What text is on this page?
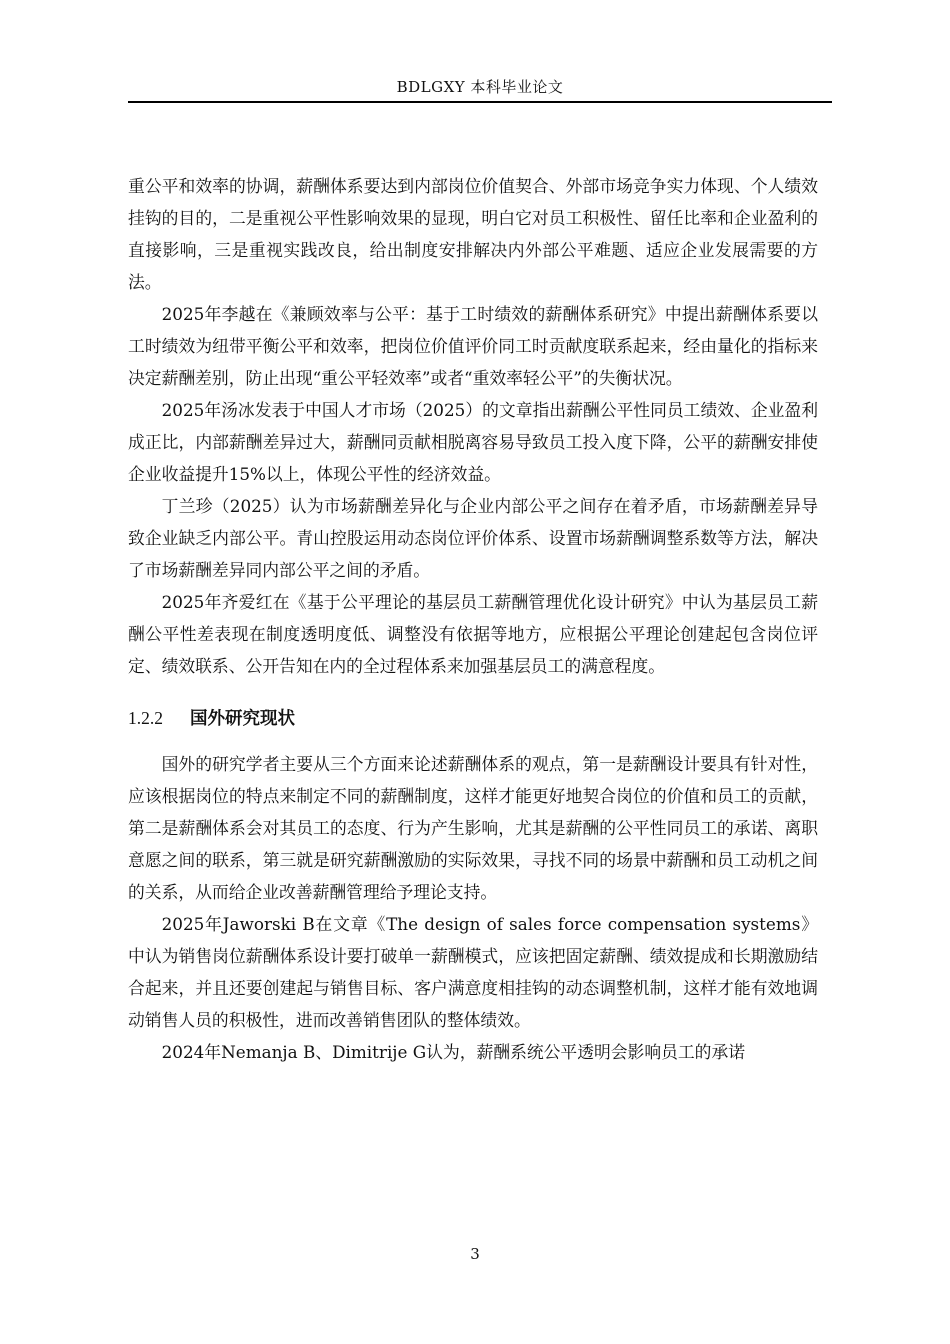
BDLGXY 本科毕业论文

重公平和效率的协调，薪酬体系要达到内部岗位价值契合、外部市场竞争实力体现、个人绩效挂钩的目的，二是重视公平性影响效果的显现，明白它对员工积极性、留任比率和企业盈利的直接影响，三是重视实践改良，给出制度安排解决内外部公平难题、适应企业发展需要的方法。

2025年李越在《兼顾效率与公平：基于工时绩效的薪酬体系研究》中提出薪酬体系要以工时绩效为纽带平衡公平和效率，把岗位价值评价同工时贡献度联系起来，经由量化的指标来决定薪酬差别，防止出现“重公平轻效率”或者“重效率轻公平”的失衡状况。

2025年汤冰发表于中国人才市场（2025）的文章指出薪酬公平性同员工绩效、企业盈利成正比，内部薪酬差异过大，薪酬同贡献相脱离容易导致员工投入度下降，公平的薪酬安排使企业收益提升15%以上，体现公平性的经济效益。

丁兰珍（2025）认为市场薪酬差异化与企业内部公平之间存在着矛盾，市场薪酬差异导致企业缺乏内部公平。青山控股运用动态岗位评价体系、设置市场薪酬调整系数等方法，解决了市场薪酬差异同内部公平之间的矛盾。

2025年齐爱红在《基于公平理论的基层员工薪酬管理优化设计研究》中认为基层员工薪酬公平性差表现在制度透明度低、调整没有依据等地方，应根据公平理论创建起包含岗位评定、绩效联系、公开告知在内的全过程体系来加强基层员工的满意程度。

1.2.2 国外研究现状

国外的研究学者主要从三个方面来论述薪酬体系的观点，第一是薪酬设计要具有针对性，应该根据岗位的特点来制定不同的薪酬制度，这样才能更好地契合岗位的价值和员工的贡献，第二是薪酬体系会对其员工的态度、行为产生影响，尤其是薪酬的公平性同员工的承诺、离职意愿之间的联系，第三就是研究薪酬激励的实际效果，寻找不同的场景中薪酬和员工动机之间的关系，从而给企业改善薪酬管理给予理论支持。

2025年Jaworski B在文章《The design of sales force compensation systems》中认为销售岗位薪酬体系设计要打破单一薪酬模式，应该把固定薪酬、绩效提成和长期激励结合起来，并且还要创建起与销售目标、客户满意度相挂钩的动态调整机制，这样才能有效地调动销售人员的积极性，进而改善销售团队的整体绩效。

2024年Nemanja B、Dimitrije G认为，薪酬系统公平透明会影响员工的承诺

3
